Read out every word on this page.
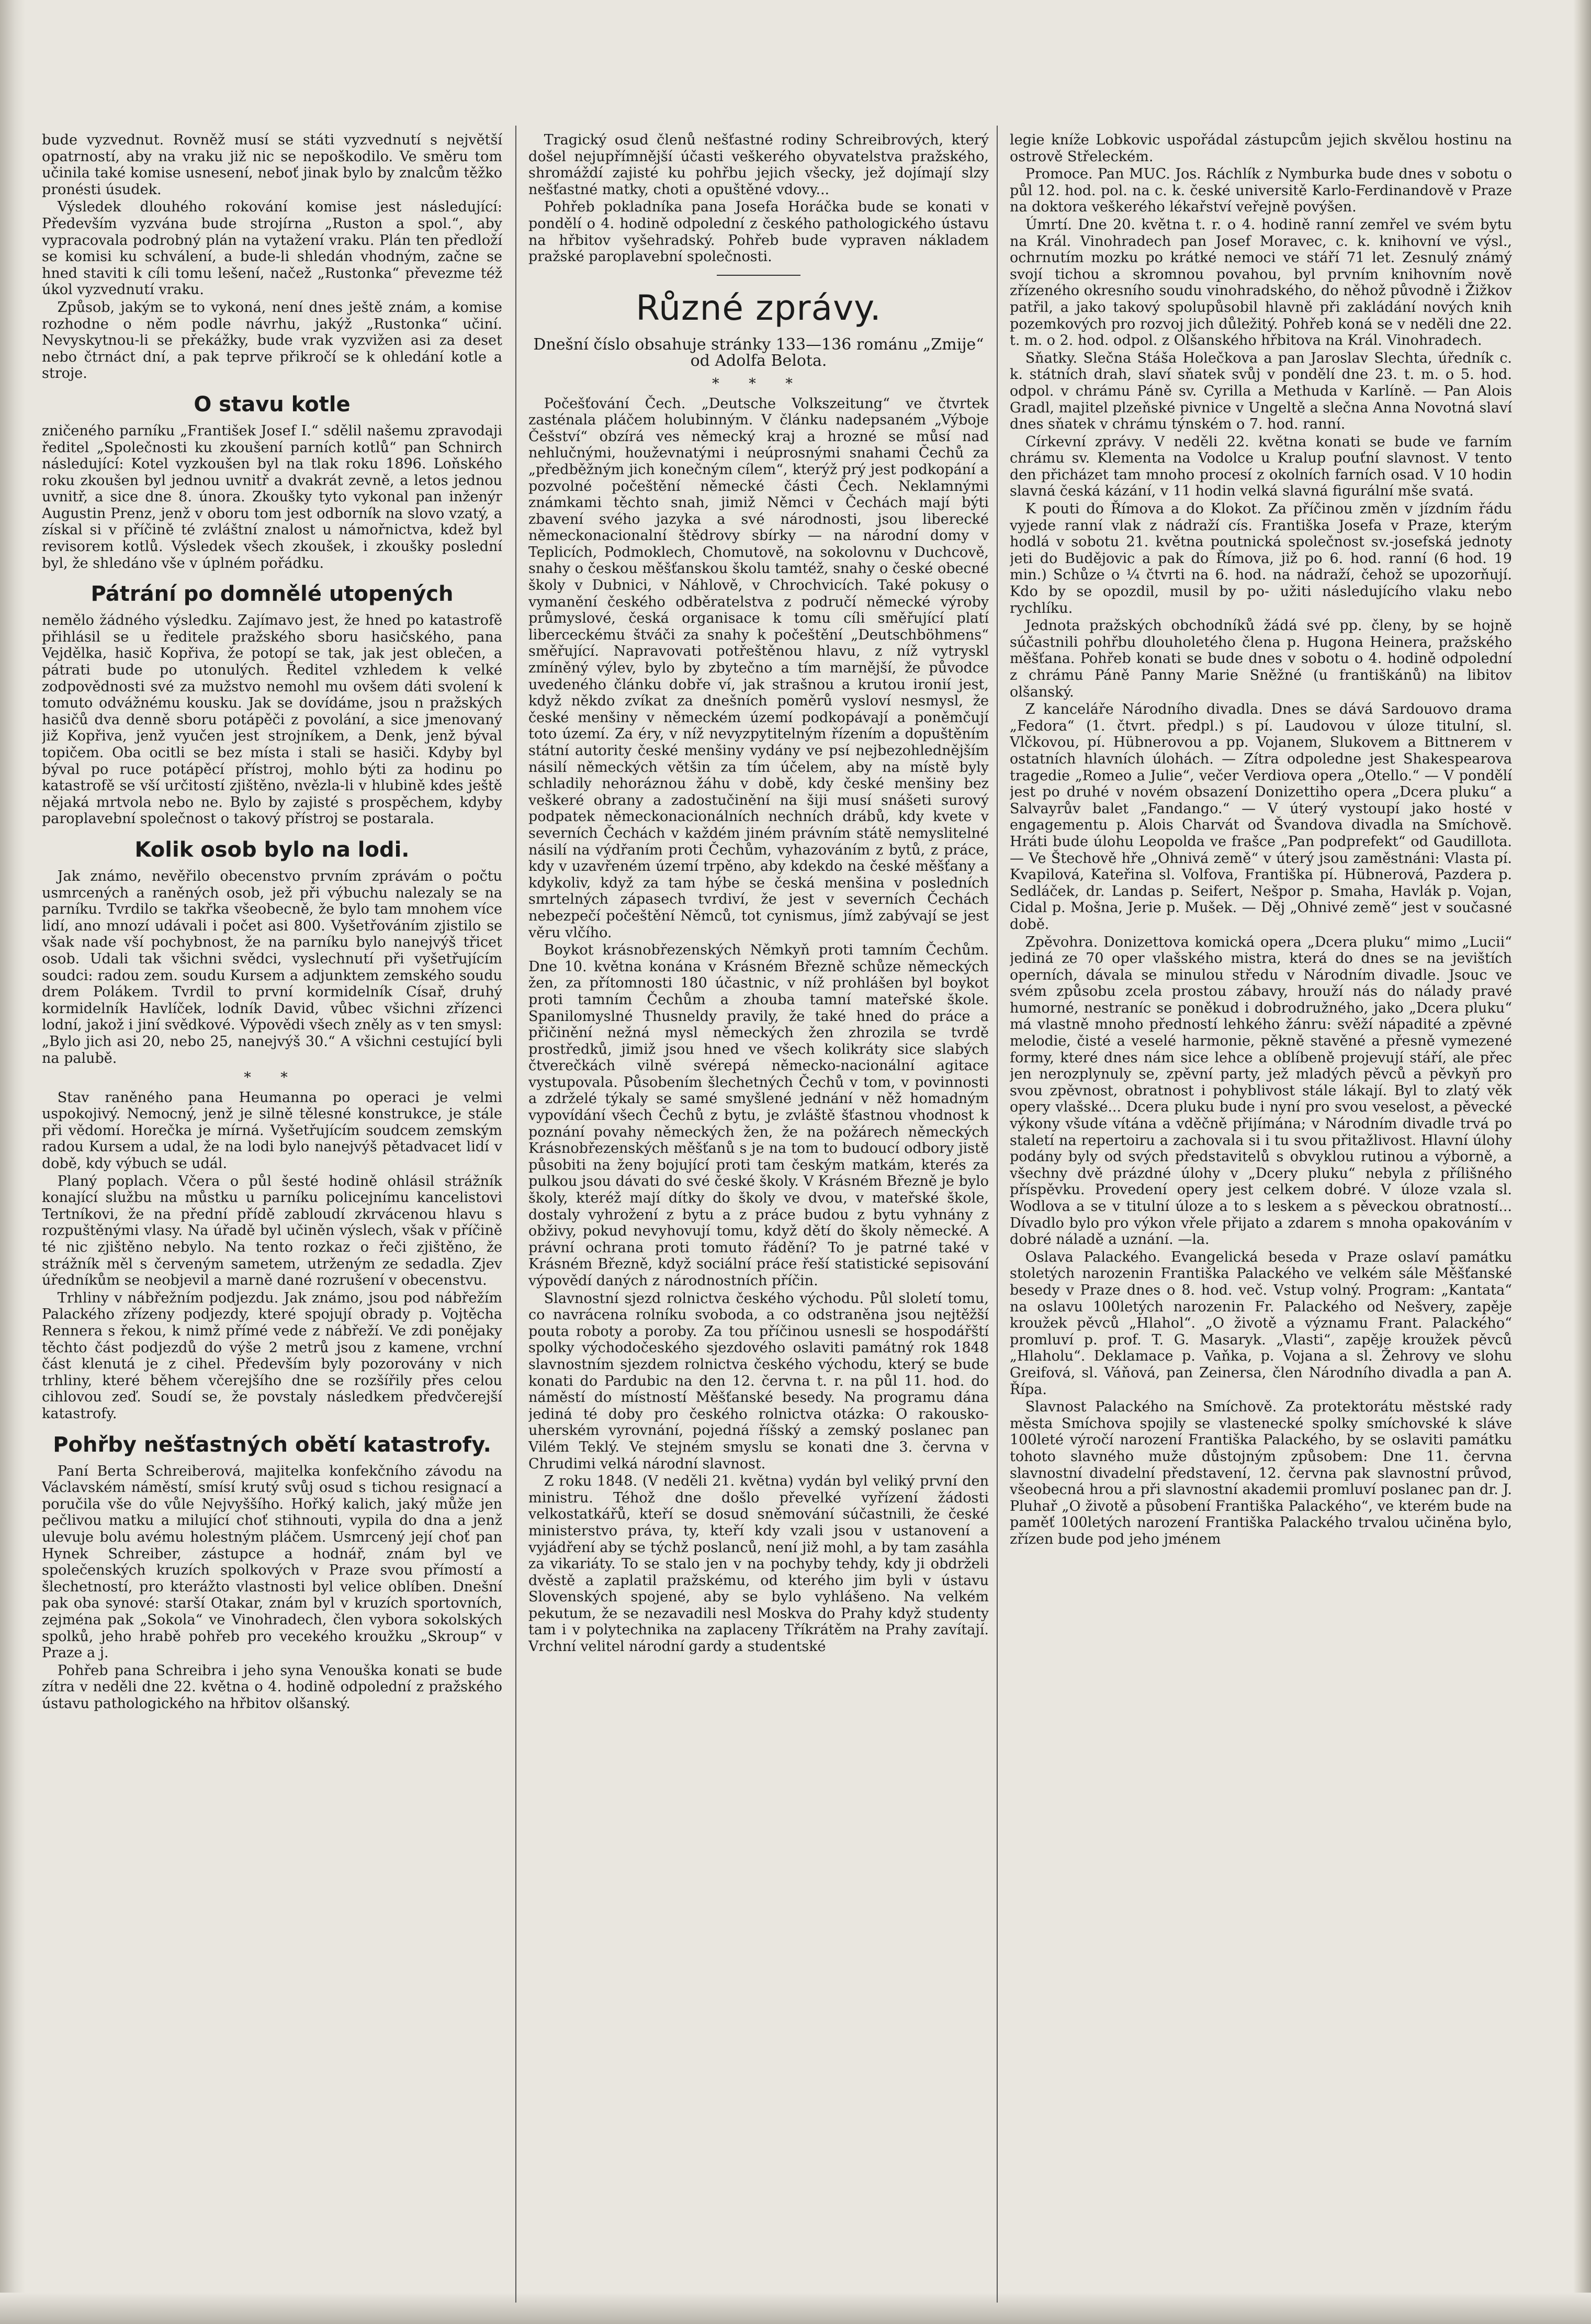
bude vyzvednut. Rovněž musí se státi vyzvednutí s největší opatrností, aby na vraku již nic se nepoškodilo. Ve směru tom učinila také komise usnesení, neboť jinak bylo by znalcům těžko pronésti úsudek.

Výsledek dlouhého rokování komise jest následující: Především vyzvána bude strojírna „Ruston a spol.“, aby vypracovala podrobný plán na vytažení vraku. Plán ten předloží se komisi ku schválení, a bude-li shledán vhodným, začne se hned staviti k cíli tomu lešení, načež „Rustonka“ převezme též úkol vyzvednutí vraku.

Způsob, jakým se to vykoná, není dnes ještě znám, a komise rozhodne o něm podle návrhu, jakýž „Rustonka“ učiní. Nevyskytnou-li se překážky, bude vrak vyzvižen asi za deset nebo čtrnáct dní, a pak teprve přikročí se k ohledání kotle a stroje.

O stavu kotle

zničeného parníku „František Josef I.“ sdělil našemu zpravodaji ředitel „Společnosti ku zkoušení parních kotlů“ pan Schnirch následující: Kotel vyzkoušen byl na tlak roku 1896. Loňského roku zkoušen byl jednou uvnitř a dvakrát zevně, a letos jednou uvnitř, a sice dne 8. února. Zkoušky tyto vykonal pan inženýr Augustin Prenz, jenž v oboru tom jest odborník na slovo vzatý, a získal si v příčině té zvláštní znalost u námořnictva, kdež byl revisorem kotlů. Výsledek všech zkoušek, i zkoušky poslední byl, že shledáno vše v úplném pořádku.

Pátrání po domnělé utopených

nemělo žádného výsledku. Zajímavo jest, že hned po katastrofě přihlásil se u ředitele pražského sboru hasičského, pana Vejdělka, hasič Kopřiva, že potopí se tak, jak jest oblečen, a pátrati bude po utonulých. Ředitel vzhledem k velké zodpovědnosti své za mužstvo nemohl mu ovšem dáti svolení k tomuto odvážnému kousku. Jak se dovídáme, jsou n pražských hasičů dva denně sboru potápěči z povolání, a sice jmenovaný již Kopřiva, jenž vyučen jest strojníkem, a Denk, jenž býval topičem. Oba ocitli se bez místa i stali se hasiči. Kdyby byl býval po ruce potápěcí přístroj, mohlo býti za hodinu po katastrofě se vší určitostí zjištěno, nvězla-li v hlubině kdes ještě nějaká mrtvola nebo ne. Bylo by zajisté s prospěchem, kdyby paroplavební společnost o takový přístroj se postarala.

Kolik osob bylo na lodi.

Jak známo, nevěřilo obecenstvo prvním zprávám o počtu usmrcených a raněných osob, jež při výbuchu nalezaly se na parníku. Tvrdilo se takřka všeobecně, že bylo tam mnohem více lidí, ano mnozí udávali i počet asi 800. Vyšetřováním zjistilo se však nade vší pochybnost, že na parníku bylo nanejvýš třicet osob. Udali tak všichni svědci, vyslechnutí při vyšetřujícím soudci: radou zem. soudu Kursem a adjunktem zemského soudu drem Polákem. Tvrdil to první kormidelník Císař, druhý kormidelník Havlíček, lodník David, vůbec všichni zřízenci lodní, jakož i jiní svědkové. Výpovědi všech zněly as v ten smysl: „Bylo jich asi 20, nebo 25, nanejvýš 30.“ A všichni cestující byli na palubě.

* *

Stav raněného pana Heumanna po operaci je velmi uspokojivý. Nemocný, jenž je silně tělesné konstrukce, je stále při vědomí. Horečka je mírná. Vyšetřujícím soudcem zemským radou Kursem a udal, že na lodi bylo nanejvýš pětadvacet lidí v době, kdy výbuch se udál.

Planý poplach. Včera o půl šesté hodině ohlásil strážník konající službu na můstku u parníku policejnímu kancelistovi Tertníkovi, že na přední přídě zabloudí zkrvácenou hlavu s rozpuštěnými vlasy. Na úřadě byl učiněn výslech, však v příčině té nic zjištěno nebylo. Na tento rozkaz o řeči zjištěno, že strážník měl s červeným sametem, utrženým ze sedadla. Zjev úředníkům se neobjevil a marně dané rozrušení v obecenstvu.

Trhliny v nábřežním podjezdu. Jak známo, jsou pod nábřežím Palackého zřízeny podjezdy, které spojují obrady p. Vojtěcha Rennera s řekou, k nimž přímé vede z nábřeží. Ve zdi ponějaky těchto část podjezdů do výše 2 metrů jsou z kamene, vrchní část klenutá je z cihel. Především byly pozorovány v nich trhliny, které během včerejšího dne se rozšířily přes celou cihlovou zeď. Soudí se, že povstaly následkem předvčerejší katastrofy.

Pohřby nešťastných obětí katastrofy.

Paní Berta Schreiberová, majitelka konfekčního závodu na Václavském náměstí, smísí krutý svůj osud s tichou resignací a poručila vše do vůle Nejvyššího. Hořký kalich, jaký může jen pečlivou matku a milující choť stihnouti, vypila do dna a jenž ulevuje bolu avému holestným pláčem. Usmrcený její choť pan Hynek Schreiber, zástupce a hodnář, znám byl ve společenských kruzích spolkových v Praze svou přímostí a šlechetností, pro kterážto vlastnosti byl velice oblíben. Dnešní pak oba synové: starší Otakar, znám byl v kruzích sportovních, zejména pak „Sokola“ ve Vinohradech, člen vybora sokolských spolků, jeho hrabě pohřeb pro vecekého kroužku „Skroup“ v Praze a j.

Pohřeb pana Schreibra i jeho syna Venouška konati se bude zítra v neděli dne 22. května o 4. hodině odpolední z pražského ústavu pathologického na hřbitov olšanský.

Tragický osud členů nešťastné rodiny Schreibrových, který došel nejupřímnější účasti veškerého obyvatelstva pražského, shromáždí zajisté ku pohřbu jejich všecky, jež dojímají slzy nešťastné matky, choti a opuštěné vdovy...

Pohřeb pokladníka pana Josefa Horáčka bude se konati v pondělí o 4. hodině odpolední z českého pathologického ústavu na hřbitov vyšehradský. Pohřeb bude vypraven nákladem pražské paroplavební společnosti.

Různé zprávy.
Dnešní číslo obsahuje stránky 133—136 románu „Zmije“ od Adolfa Belota.
* * *

Počešťování Čech. „Deutsche Volkszeitung“ ve čtvrtek zasténala pláčem holubinným. V článku nadepsaném „Výboje Češství“ obzírá ves německý kraj a hrozné se můsí nad nehlučnými, houževnatými i neúprosnými snahami Čechů za „předběžným jich konečným cílem“, kterýž prý jest podkopání a pozvolné počeštění německé části Čech. Neklamnými známkami těchto snah, jimiž Němci v Čechách mají býti zbavení svého jazyka a své národnosti, jsou liberecké německonacionalní štědrovy sbírky — na národní domy v Teplicích, Podmoklech, Chomutově, na sokolovnu v Duchcově, snahy o českou měšťanskou školu tamtéž, snahy o české obecné školy v Dubnici, v Náhlově, v Chrochvicích. Také pokusy o vymanění českého odběratelstva z područí německé výroby průmyslové, česká organisace k tomu cíli směřující platí liberceckému štváči za snahy k počeštění „Deutschböhmens“ směřující. Napravovati potřeštěnou hlavu, z níž vytryskl zmíněný výlev, bylo by zbytečno a tím marnější, že původce uvedeného článku dobře ví, jak strašnou a krutou ironií jest, když někdo zvíkat za dnešních poměrů vysloví nesmysl, že české menšiny v německém území podkopávají a poněmčují toto území. Za éry, v níž nevyzpytitelným řízením a dopuštěním státní autority české menšiny vydány ve psí nejbezohlednějším násilí německých většin za tím účelem, aby na místě byly schladily nehoráznou žáhu v době, kdy české menšiny bez veškeré obrany a zadostučinění na šiji musí snášeti surový podpatek německonacionálních nechních drábů, kdy kvete v severních Čechách v každém jiném právním státě nemyslitelné násilí na výdřaním proti Čechům, vyhazováním z bytů, z práce, kdy v uzavřeném území trpěno, aby kdekdo na české měšťany a kdykoliv, když za tam hýbe se česká menšina v posledních smrtelných zápasech tvrdiví, že jest v severních Čechách nebezpečí počeštění Němců, tot cynismus, jímž zabývají se jest věru vlčího.

Boykot krásnobřezenských Němkyň proti tamním Čechům. Dne 10. května konána v Krásném Březně schůze německých žen, za přítomnosti 180 účastnic, v níž prohlášen byl boykot proti tamním Čechům a zhouba tamní mateřské škole. Spanilomyslné Thusneldy pravily, že také hned do práce a přičinění nežná mysl německých žen zhrozila se tvrdě prostředků, jimiž jsou hned ve všech kolikráty sice slabých čtverečkách vilně svérepá německo-nacionální agitace vystupovala. Působením šlechetných Čechů v tom, v povinnosti a zdrželé týkaly se samé smyšlené jednání v něž homadným vypovídání všech Čechů z bytu, je zvláště šťastnou vhodnost k poznání povahy německých žen, že na požárech německých Krásnobřezenských měšťanů s je na tom to budoucí odbory jistě působiti na ženy bojující proti tam českým matkám, kterés za pulkou jsou dávati do své české školy. V Krásném Březně je bylo školy, kteréž mají dítky do školy ve dvou, v mateřské škole, dostaly vyhrožení z bytu a z práce budou z bytu vyhnány z obživy, pokud nevyhovují tomu, když dětí do školy německé. A právní ochrana proti tomuto řádění? To je patrné také v Krásném Březně, když sociální práce řeší statistické sepisování výpovědí daných z národnostních příčin.

Slavnostní sjezd rolnictva českého východu. Půl sloletí tomu, co navrácena rolníku svoboda, a co odstraněna jsou nejtěžší pouta roboty a poroby. Za tou příčinou usnesli se hospodářští spolky východočeského sjezdového oslaviti památný rok 1848 slavnostním sjezdem rolnictva českého východu, který se bude konati do Pardubic na den 12. června t. r. na půl 11. hod. do náměstí do místností Měšťanské besedy. Na programu dána jediná té doby pro českého rolnictva otázka: O rakousko-uherském vyrovnání, pojedná říšský a zemský poslanec pan Vilém Teklý. Ve stejném smyslu se konati dne 3. června v Chrudimi velká národní slavnost.

Z roku 1848. (V neděli 21. května) vydán byl veliký první den ministru. Téhož dne došlo převelké vyřízení žádosti velkostatkářů, kteří se dosud sněmování súčastnili, že české ministerstvo práva, ty, kteří kdy vzali jsou v ustanovení a vyjádření aby se týchž poslanců, není již mohl, a by tam zasáhla za vikariáty. To se stalo jen v na pochyby tehdy, kdy ji obdrželi dvěstě a zaplatil pražskému, od kterého jim byli v ústavu Slovenských spojené, aby se bylo vyhlášeno. Na velkém pekutum, že se nezavadili nesl Moskva do Prahy když studenty tam i v polytechnika na zaplaceny Tříkrátěm na Prahy zavítají. Vrchní velitel národní gardy a studentské

legie kníže Lobkovic uspořádal zástupcům jejich skvělou hostinu na ostrově Střeleckém.

Promoce. Pan MUC. Jos. Ráchlík z Nymburka bude dnes v sobotu o půl 12. hod. pol. na c. k. české universitě Karlo-Ferdinandově v Praze na doktora veškerého lékařství veřejně povýšen.

Úmrtí. Dne 20. května t. r. o 4. hodině ranní zemřel ve svém bytu na Král. Vinohradech pan Josef Moravec, c. k. knihovní ve výsl., ochrnutím mozku po krátké nemoci ve stáří 71 let. Zesnulý známý svojí tichou a skromnou povahou, byl prvním knihovním nově zřízeného okresního soudu vinohradského, do něhož původně i Žižkov patřil, a jako takový spolupůsobil hlavně při zakládání nových knih pozemkových pro rozvoj jich důležitý. Pohřeb koná se v neděli dne 22. t. m. o 2. hod. odpol. z Olšanského hřbitova na Král. Vinohradech.

Sňatky. Slečna Stáša Holečkova a pan Jaroslav Slechta, úředník c. k. státních drah, slaví sňatek svůj v pondělí dne 23. t. m. o 5. hod. odpol. v chrámu Páně sv. Cyrilla a Methuda v Karlíně. — Pan Alois Gradl, majitel plzeňské pivnice v Ungeltě a slečna Anna Novotná slaví dnes sňatek v chrámu týnském o 7. hod. ranní.

Církevní zprávy. V neděli 22. května konati se bude ve farním chrámu sv. Klementa na Vodolce u Kralup pouťní slavnost. V tento den přicházet tam mnoho procesí z okolních farních osad. V 10 hodin slavná česká kázání, v 11 hodin velká slavná figurální mše svatá.

K pouti do Římova a do Klokot. Za příčinou změn v jízdním řádu vyjede ranní vlak z nádraží cís. Františka Josefa v Praze, kterým hodlá v sobotu 21. května poutnická společnost sv.-josefská jednoty jeti do Budějovic a pak do Římova, již po 6. hod. ranní (6 hod. 19 min.) Schůze o ¼ čtvrti na 6. hod. na nádraží, čehož se upozorňují. Kdo by se opozdil, musil by po- užiti následujícího vlaku nebo rychlíku.

Jednota pražských obchodníků žádá své pp. členy, by se hojně súčastnili pohřbu dlouholetého člena p. Hugona Heinera, pražského měšťana. Pohřeb konati se bude dnes v sobotu o 4. hodině odpolední z chrámu Páně Panny Marie Sněžné (u františkánů) na libitov olšanský.

Z kanceláře Národního divadla. Dnes se dává Sardouovo drama „Fedora“ (1. čtvrt. předpl.) s pí. Laudovou v úloze titulní, sl. Vlčkovou, pí. Hübnerovou a pp. Vojanem, Slukovem a Bittnerem v ostatních hlavních úlohách. — Zítra odpoledne jest Shakespearova tragedie „Romeo a Julie“, večer Verdiova opera „Otello.“ — V pondělí jest po druhé v novém obsazení Donizettiho opera „Dcera pluku“ a Salvayrův balet „Fandango.“ — V úterý vystoupí jako hosté v engagementu p. Alois Charvát od Švandova divadla na Smíchově. Hráti bude úlohu Leopolda ve frašce „Pan podprefekt“ od Gaudillota. — Ve Štechově hře „Ohnivá země“ v úterý jsou zaměstnáni: Vlasta pí. Kvapilová, Kateřina sl. Volfova, Františka pí. Hübnerová, Pazdera p. Sedláček, dr. Landas p. Seifert, Nešpor p. Smaha, Havlák p. Vojan, Cidal p. Mošna, Jerie p. Mušek. — Děj „Ohnivé země“ jest v současné době.

Zpěvohra. Donizettova komická opera „Dcera pluku“ mimo „Lucii“ jediná ze 70 oper vlašského mistra, která do dnes se na jevištích operních, dávala se minulou středu v Národním divadle. Jsouc ve svém způsobu zcela prostou zábavy, hrouží nás do nálady pravé humorné, nestraníc se poněkud i dobrodružného, jako „Dcera pluku“ má vlastně mnoho předností lehkého žánru: svěží nápadité a zpěvné melodie, čisté a veselé harmonie, pěkně stavěné a přesně vymezené formy, které dnes nám sice lehce a oblíbeně projevují stáří, ale přec jen nerozplynuly se, zpěvní party, jež mladých pěvců a pěvkyň pro svou zpěvnost, obratnost i pohyblivost stále lákají. Byl to zlatý věk opery vlašské... Dcera pluku bude i nyní pro svou veselost, a pěvecké výkony všude vítána a vděčně přijímána; v Národním divadle trvá po staletí na repertoiru a zachovala si i tu svou přitažlivost. Hlavní úlohy podány byly od svých představitelů s obvyklou rutinou a výborně, a všechny dvě prázdné úlohy v „Dcery pluku“ nebyla z přílišného příspěvku. Provedení opery jest celkem dobré. V úloze vzala sl. Wodlova a se v titulní úloze a to s leskem a s pěveckou obratností... Dívadlo bylo pro výkon vřele přijato a zdarem s mnoha opakováním v dobré náladě a uznání. —la.

Oslava Palackého. Evangelická beseda v Praze oslaví památku stoletých narozenin Františka Palackého ve velkém sále Měšťanské besedy v Praze dnes o 8. hod. več. Vstup volný. Program: „Kantata“ na oslavu 100letých narozenin Fr. Palackého od Nešvery, zapěje kroužek pěvců „Hlahol“. „O životě a významu Frant. Palackého“ promluví p. prof. T. G. Masaryk. „Vlasti“, zapěje kroužek pěvců „Hlaholu“. Deklamace p. Vaňka, p. Vojana a sl. Žehrovy ve slohu Greifová, sl. Váňová, pan Zeinersa, člen Národního divadla a pan A. Řípa.

Slavnost Palackého na Smíchově. Za protektorátu městské rady města Smíchova spojily se vlastenecké spolky smíchovské k sláve 100leté výročí narození Františka Palackého, by se oslaviti památku tohoto slavného muže důstojným způsobem: Dne 11. června slavnostní divadelní představení, 12. června pak slavnostní průvod, všeobecná hrou a při slavnostní akademii promluví poslanec pan dr. J. Pluhař „O životě a působení Františka Palackého“, ve kterém bude na paměť 100letých narození Františka Palackého trvalou učiněna bylo, zřízen bude pod jeho jménem
